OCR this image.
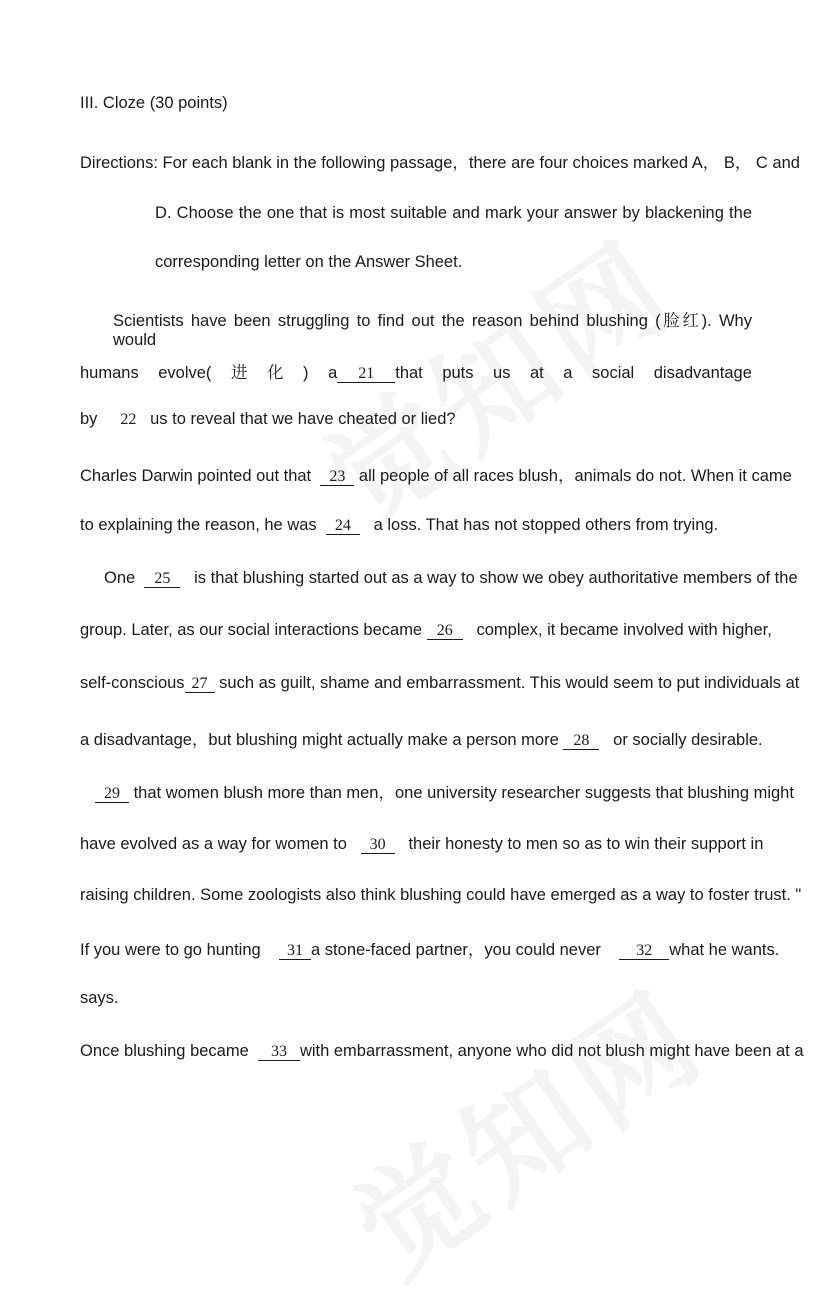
III. Cloze (30 points)
Directions: For each blank in the following passage，there are four choices marked A， B， C and
D. Choose the one that is most suitable and mark your answer by blackening the
corresponding letter on the Answer Sheet.
Scientists have been struggling to find out the reason behind blushing (脸红). Why would
humans evolve( 进 化 ) a 21 that puts us at a social disadvantage
by 22 us to reveal that we have cheated or lied?
Charles Darwin pointed out that 23 all people of all races blush，animals do not. When it came
to explaining the reason, he was 24 a loss. That has not stopped others from trying.
One 25 is that blushing started out as a way to show we obey authoritative members of the
group. Later, as our social interactions became 26 complex, it became involved with higher,
self-conscious 27 such as guilt, shame and embarrassment. This would seem to put individuals at
a disadvantage，but blushing might actually make a person more 28 or socially desirable.
29 that women blush more than men，one university researcher suggests that blushing might
have evolved as a way for women to 30 their honesty to men so as to win their support in
raising children. Some zoologists also think blushing could have emerged as a way to foster trust. "
If you were to go hunting 31 a stone-faced partner，you could never 32 what he wants.
says.
Once blushing became 33 with embarrassment, anyone who did not blush might have been at a
